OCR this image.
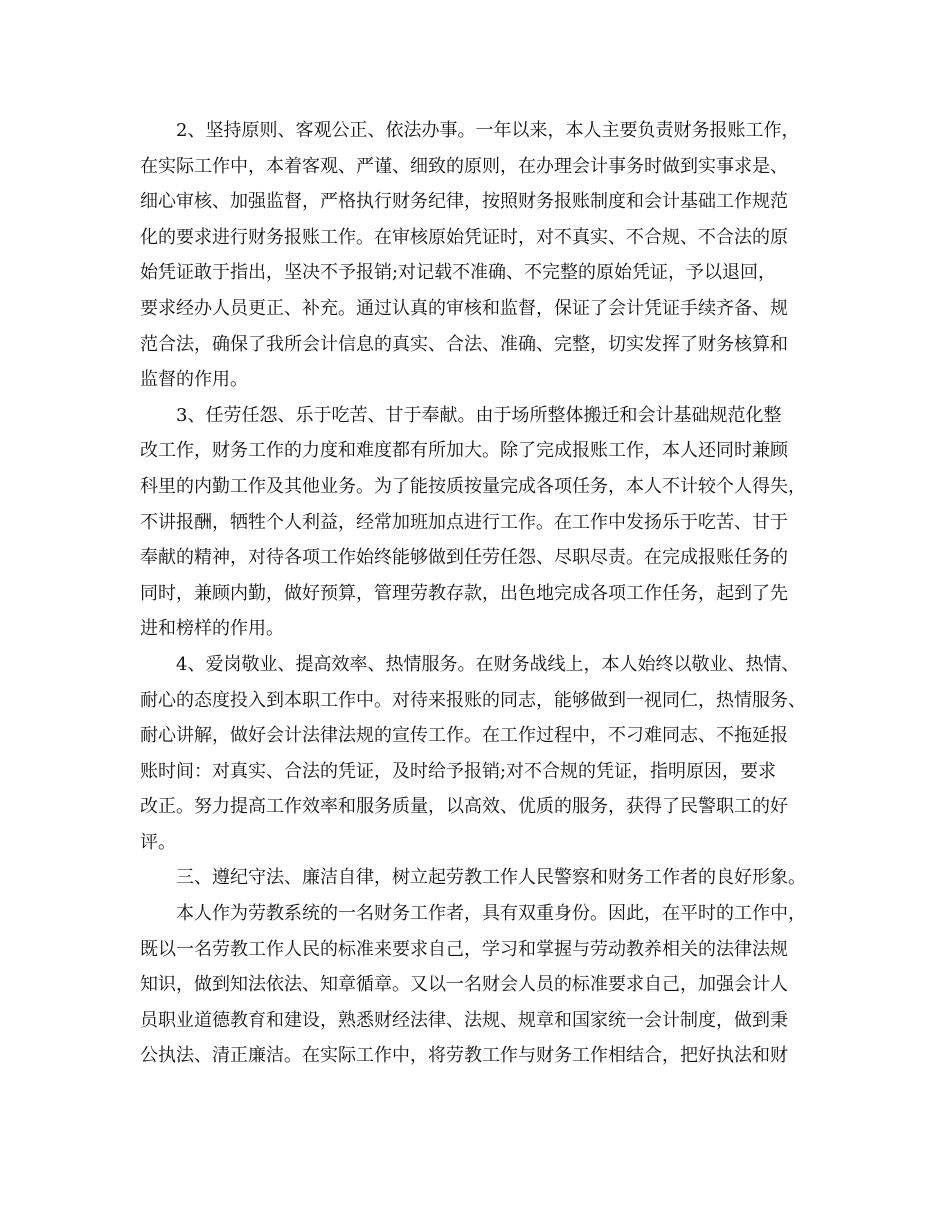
　　2、坚持原则、客观公正、依法办事。一年以来，本人主要负责财务报账工作，
在实际工作中，本着客观、严谨、细致的原则，在办理会计事务时做到实事求是、
细心审核、加强监督，严格执行财务纪律，按照财务报账制度和会计基础工作规范
化的要求进行财务报账工作。在审核原始凭证时，对不真实、不合规、不合法的原
始凭证敢于指出，坚决不予报销;对记载不准确、不完整的原始凭证，予以退回，
要求经办人员更正、补充。通过认真的审核和监督，保证了会计凭证手续齐备、规
范合法，确保了我所会计信息的真实、合法、准确、完整，切实发挥了财务核算和
监督的作用。
　　3、任劳任怨、乐于吃苦、甘于奉献。由于场所整体搬迁和会计基础规范化整
改工作，财务工作的力度和难度都有所加大。除了完成报账工作，本人还同时兼顾
科里的内勤工作及其他业务。为了能按质按量完成各项任务，本人不计较个人得失，
不讲报酬，牺牲个人利益，经常加班加点进行工作。在工作中发扬乐于吃苦、甘于
奉献的精神，对待各项工作始终能够做到任劳任怨、尽职尽责。在完成报账任务的
同时，兼顾内勤，做好预算，管理劳教存款，出色地完成各项工作任务，起到了先
进和榜样的作用。
　　4、爱岗敬业、提高效率、热情服务。在财务战线上，本人始终以敬业、热情、
耐心的态度投入到本职工作中。对待来报账的同志，能够做到一视同仁，热情服务、
耐心讲解，做好会计法律法规的宣传工作。在工作过程中，不刁难同志、不拖延报
账时间：对真实、合法的凭证，及时给予报销;对不合规的凭证，指明原因，要求
改正。努力提高工作效率和服务质量，以高效、优质的服务，获得了民警职工的好
评。
　　三、遵纪守法、廉洁自律，树立起劳教工作人民警察和财务工作者的良好形象。
　　本人作为劳教系统的一名财务工作者，具有双重身份。因此，在平时的工作中，
既以一名劳教工作人民的标准来要求自己，学习和掌握与劳动教养相关的法律法规
知识，做到知法依法、知章循章。又以一名财会人员的标准要求自己，加强会计人
员职业道德教育和建设，熟悉财经法律、法规、规章和国家统一会计制度，做到秉
公执法、清正廉洁。在实际工作中，将劳教工作与财务工作相结合，把好执法和财
